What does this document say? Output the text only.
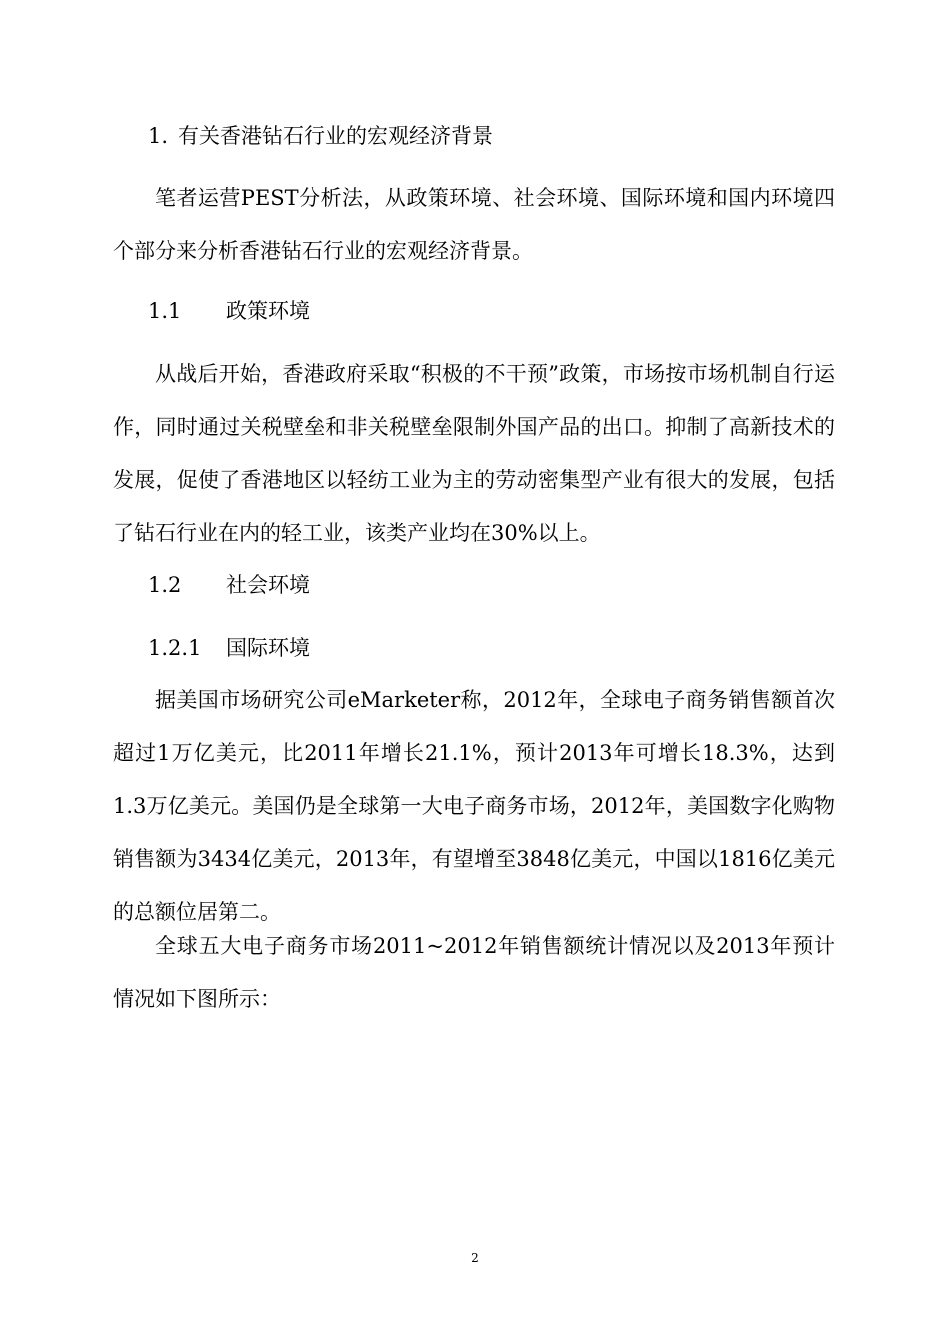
1. 有关香港钻石行业的宏观经济背景

笔者运营PEST分析法，从政策环境、社会环境、国际环境和国内环境四个部分来分析香港钻石行业的宏观经济背景。

1.1 政策环境

从战后开始，香港政府采取“积极的不干预”政策，市场按市场机制自行运作，同时通过关税壁垒和非关税壁垒限制外国产品的出口。抑制了高新技术的发展，促使了香港地区以轻纺工业为主的劳动密集型产业有很大的发展，包括了钻石行业在内的轻工业，该类产业均在30%以上。

1.2 社会环境
1.2.1 国际环境

据美国市场研究公司eMarketer称，2012年，全球电子商务销售额首次超过1万亿美元，比2011年增长21.1%，预计2013年可增长18.3%，达到1.3万亿美元。美国仍是全球第一大电子商务市场，2012年，美国数字化购物销售额为3434亿美元，2013年，有望增至3848亿美元，中国以1816亿美元的总额位居第二。

全球五大电子商务市场2011~2012年销售额统计情况以及2013年预计情况如下图所示：

2
